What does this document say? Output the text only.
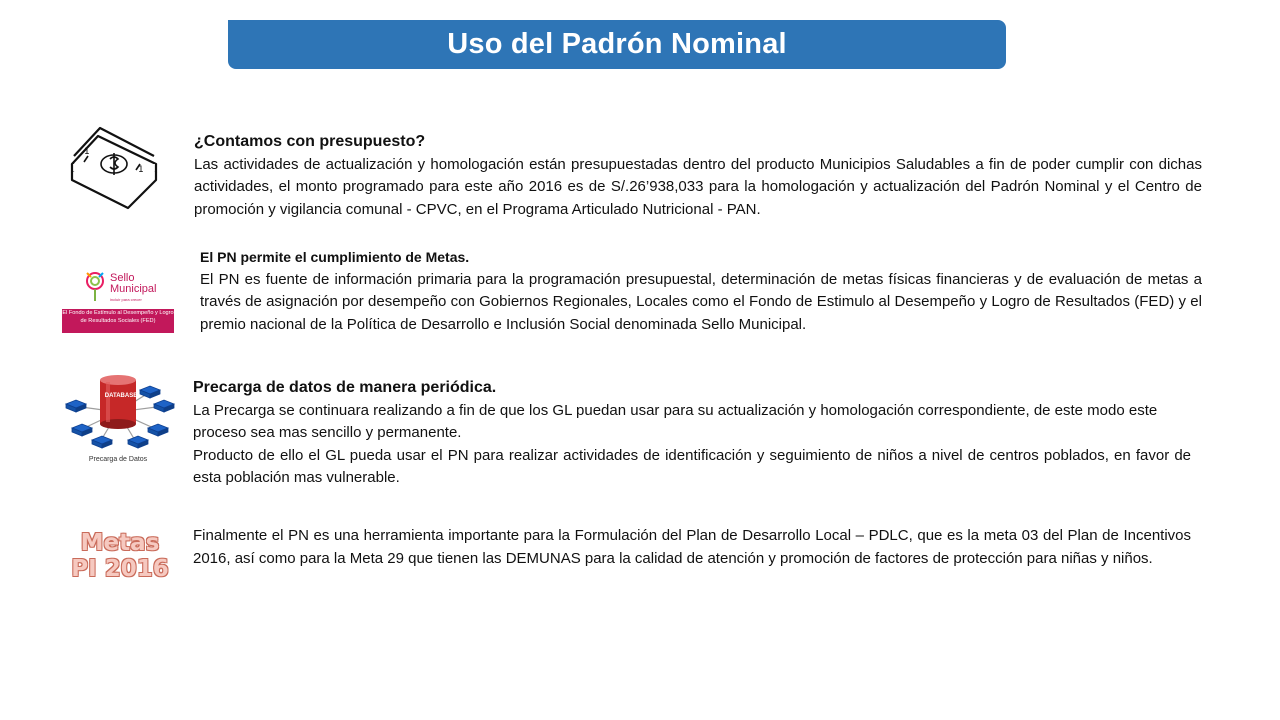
Uso del Padrón Nominal
1
1
¿Contamos con presupuesto?
Las actividades de actualización y homologación están presupuestadas dentro del producto Municipios Saludables a fin de poder cumplir con dichas actividades, el monto programado para este año 2016 es de S/.26’938,033 para la homologación y actualización del Padrón Nominal y el Centro de promoción y vigilancia comunal - CPVC, en el Programa Articulado Nutricional - PAN.
Sello Municipal
incluir para crecer
El Fondo de Estímulo al Desempeño y Logro de Resultados Sociales (FED)
El PN permite el cumplimiento de Metas.
El PN es fuente de información primaria para la programación presupuestal, determinación de metas físicas financieras y de evaluación de metas a través de asignación por desempeño con Gobiernos Regionales, Locales como el Fondo de Estimulo al Desempeño y Logro de Resultados (FED) y el premio nacional de la Política de Desarrollo e Inclusión Social denominada Sello Municipal.
DATABASE
Precarga de Datos
Precarga de datos de manera periódica.
La Precarga se continuara realizando a fin de que los GL puedan usar para su actualización y homologación correspondiente, de este modo este proceso sea mas sencillo y permanente.
Producto de ello el GL pueda usar el PN para realizar actividades de identificación y seguimiento de niños a nivel de centros poblados, en favor de esta población mas vulnerable.
Metas
PI 2016
Finalmente el PN es una herramienta importante para la Formulación del Plan de Desarrollo Local – PDLC, que es la meta 03 del Plan de Incentivos 2016, así como para la Meta 29 que tienen las DEMUNAS para la calidad de atención y promoción de factores de protección para niñas y niños.
